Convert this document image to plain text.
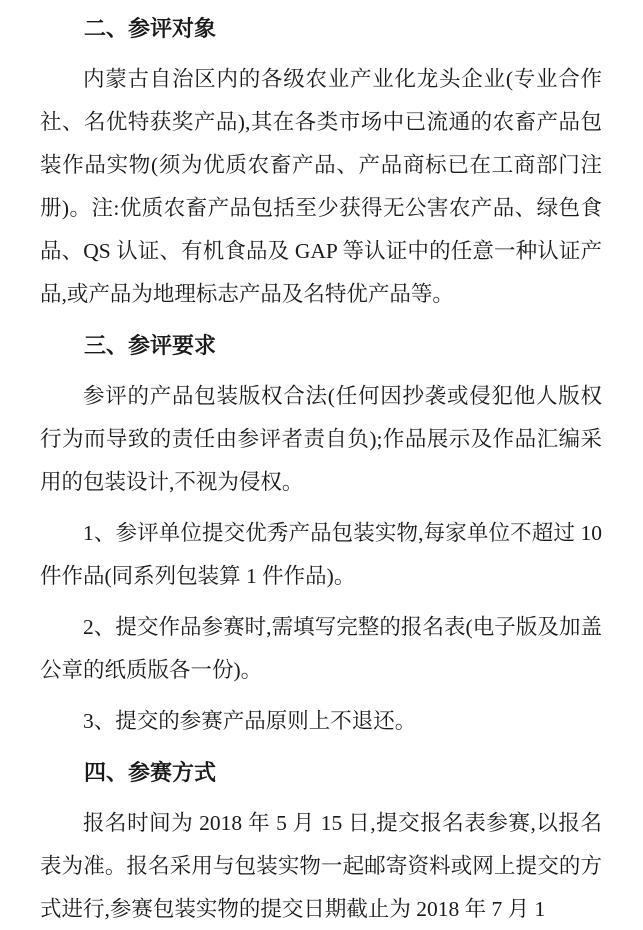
二、参评对象

内蒙古自治区内的各级农业产业化龙头企业(专业合作社、名优特获奖产品),其在各类市场中已流通的农畜产品包装作品实物(须为优质农畜产品、产品商标已在工商部门注册)。注:优质农畜产品包括至少获得无公害农产品、绿色食品、QS 认证、有机食品及 GAP 等认证中的任意一种认证产品,或产品为地理标志产品及名特优产品等。

三、参评要求

参评的产品包装版权合法(任何因抄袭或侵犯他人版权行为而导致的责任由参评者责自负);作品展示及作品汇编采用的包装设计,不视为侵权。

1、参评单位提交优秀产品包装实物,每家单位不超过 10 件作品(同系列包装算 1 件作品)。

2、提交作品参赛时,需填写完整的报名表(电子版及加盖公章的纸质版各一份)。

3、提交的参赛产品原则上不退还。

四、参赛方式

报名时间为 2018 年 5 月 15 日,提交报名表参赛,以报名表为准。报名采用与包装实物一起邮寄资料或网上提交的方式进行,参赛包装实物的提交日期截止为 2018 年 7 月 1
